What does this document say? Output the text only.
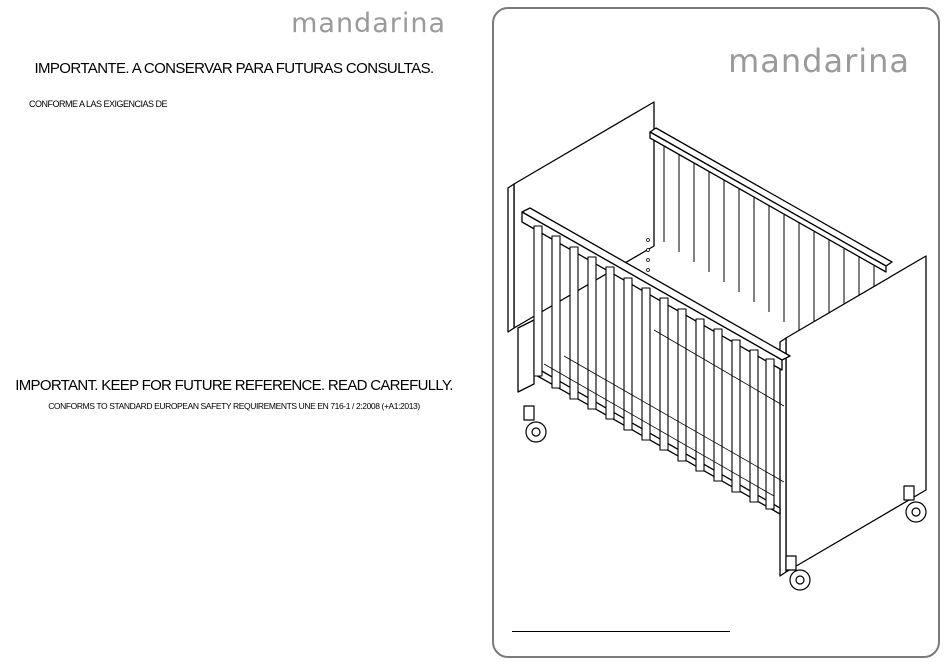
mandarina
IMPORTANTE. A CONSERVAR PARA FUTURAS CONSULTAS.
CONFORME A LAS EXIGENCIAS DE
IMPORTANT. KEEP FOR FUTURE REFERENCE. READ CAREFULLY.
CONFORMS TO STANDARD EUROPEAN SAFETY REQUIREMENTS UNE EN 716-1 / 2:2008 (+A1:2013)
mandarina
